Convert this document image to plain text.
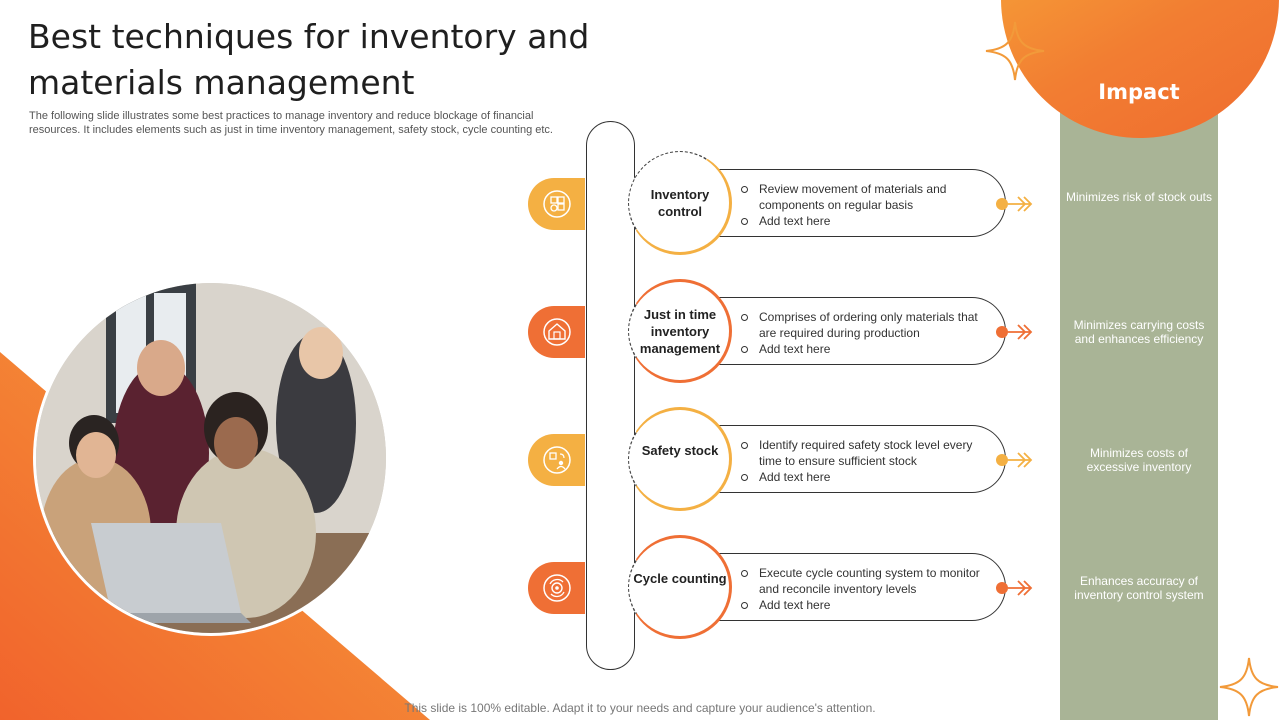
Best techniques for inventory and materials management

The following slide illustrates some best practices to manage inventory and reduce blockage of financial resources. It includes elements such as just in time inventory management, safety stock, cycle counting etc.

Impact
Minimizes risk of stock outs
Minimizes carrying costs and enhances efficiency
Minimizes costs of excessive inventory
Enhances accuracy of inventory control system
Inventory control
Review movement of materials and components on regular basis
Add text here
Just in time inventory management
Comprises of ordering only materials that are required during production
Add text here
Safety stock	Identify required safety stock level every time to ensure sufficient stock
Add text here
Cycle counting	Execute cycle counting system to monitor and reconcile inventory levels
Add text here
This slide is 100% editable. Adapt it to your needs and capture your audience's attention.
